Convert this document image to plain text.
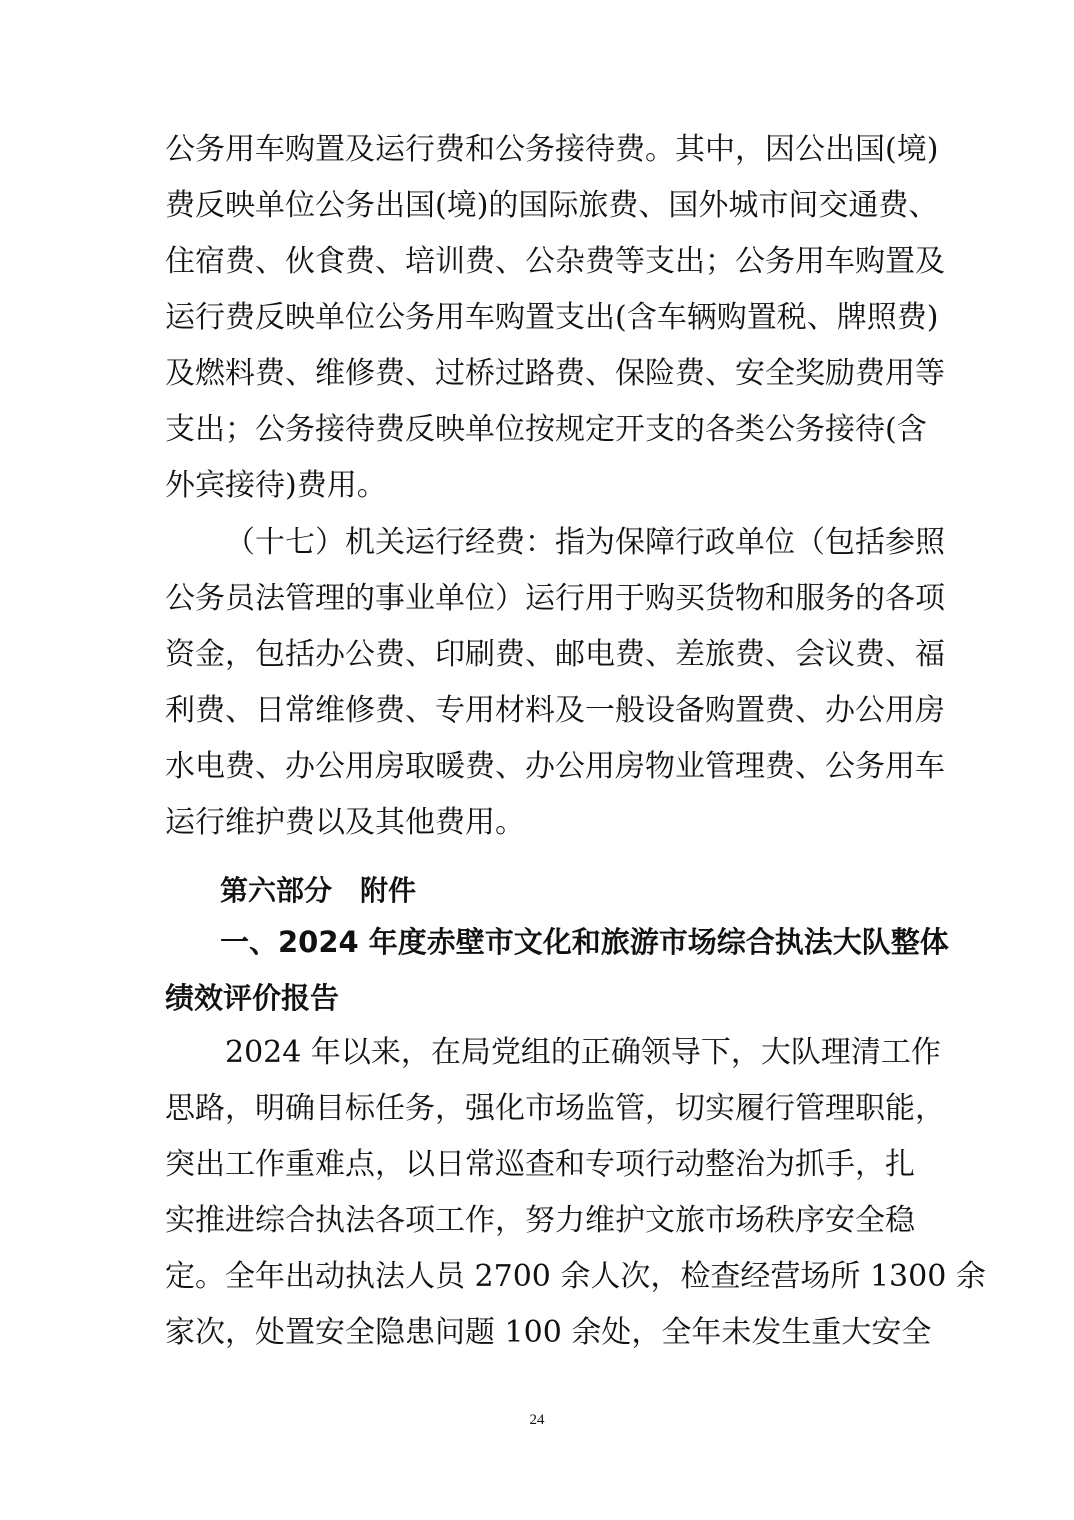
公务用车购置及运行费和公务接待费。其中，因公出国(境)
费反映单位公务出国(境)的国际旅费、国外城市间交通费、
住宿费、伙食费、培训费、公杂费等支出；公务用车购置及
运行费反映单位公务用车购置支出(含车辆购置税、牌照费)
及燃料费、维修费、过桥过路费、保险费、安全奖励费用等
支出；公务接待费反映单位按规定开支的各类公务接待(含
外宾接待)费用。
（十七）机关运行经费：指为保障行政单位（包括参照
公务员法管理的事业单位）运行用于购买货物和服务的各项
资金，包括办公费、印刷费、邮电费、差旅费、会议费、福
利费、日常维修费、专用材料及一般设备购置费、办公用房
水电费、办公用房取暖费、办公用房物业管理费、公务用车
运行维护费以及其他费用。
第六部分　附件
一、2024 年度赤壁市文化和旅游市场综合执法大队整体
绩效评价报告
2024 年以来，在局党组的正确领导下，大队理清工作
思路，明确目标任务，强化市场监管，切实履行管理职能，
突出工作重难点，以日常巡查和专项行动整治为抓手，扎
实推进综合执法各项工作，努力维护文旅市场秩序安全稳
定。全年出动执法人员 2700 余人次，检查经营场所 1300 余
家次，处置安全隐患问题 100 余处，全年未发生重大安全
24
